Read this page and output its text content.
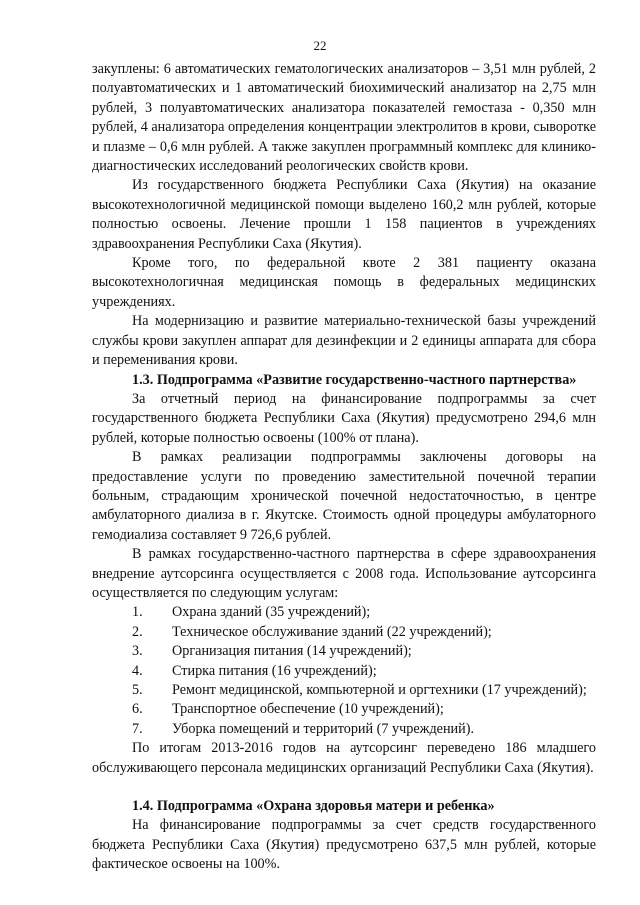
22

закуплены: 6 автоматических гематологических анализаторов – 3,51 млн рублей, 2 полуавтоматических и 1 автоматический биохимический анализатор на 2,75 млн рублей, 3 полуавтоматических анализатора показателей гемостаза - 0,350 млн рублей, 4 анализатора определения концентрации электролитов в крови, сыворотке и плазме – 0,6 млн рублей. А также закуплен программный комплекс для клинико-диагностических исследований реологических свойств крови.

Из государственного бюджета Республики Саха (Якутия) на оказание высокотехнологичной медицинской помощи выделено 160,2 млн рублей, которые полностью освоены. Лечение прошли 1 158 пациентов в учреждениях здравоохранения Республики Саха (Якутия).

Кроме того, по федеральной квоте 2 381 пациенту оказана высокотехнологичная медицинская помощь в федеральных медицинских учреждениях.

На модернизацию и развитие материально-технической базы учреждений службы крови закуплен аппарат для дезинфекции и 2 единицы аппарата для сбора и переменивания крови.

1.3. Подпрограмма «Развитие государственно-частного партнерства»

За отчетный период на финансирование подпрограммы за счет государственного бюджета Республики Саха (Якутия) предусмотрено 294,6 млн рублей, которые полностью освоены (100% от плана).

В рамках реализации подпрограммы заключены договоры на предоставление услуги по проведению заместительной почечной терапии больным, страдающим хронической почечной недостаточностью, в центре амбулаторного диализа в г. Якутске. Стоимость одной процедуры амбулаторного гемодиализа составляет 9 726,6 рублей.

В рамках государственно-частного партнерства в сфере здравоохранения внедрение аутсорсинга осуществляется с 2008 года. Использование аутсорсинга осуществляется по следующим услугам:

1.	Охрана зданий (35 учреждений);
2.	Техническое обслуживание зданий (22 учреждений);
3.	Организация питания (14 учреждений);
4.	Стирка питания (16 учреждений);
5.	Ремонт медицинской, компьютерной и оргтехники (17 учреждений);
6.	Транспортное обеспечение (10 учреждений);
7.	Уборка помещений и территорий (7 учреждений).

По итогам 2013-2016 годов на аутсорсинг переведено 186 младшего обслуживающего персонала медицинских организаций Республики Саха (Якутия).

1.4. Подпрограмма «Охрана здоровья матери и ребенка»

На финансирование подпрограммы за счет средств государственного бюджета Республики Саха (Якутия) предусмотрено 637,5 млн рублей, которые фактическое освоены на 100%.
